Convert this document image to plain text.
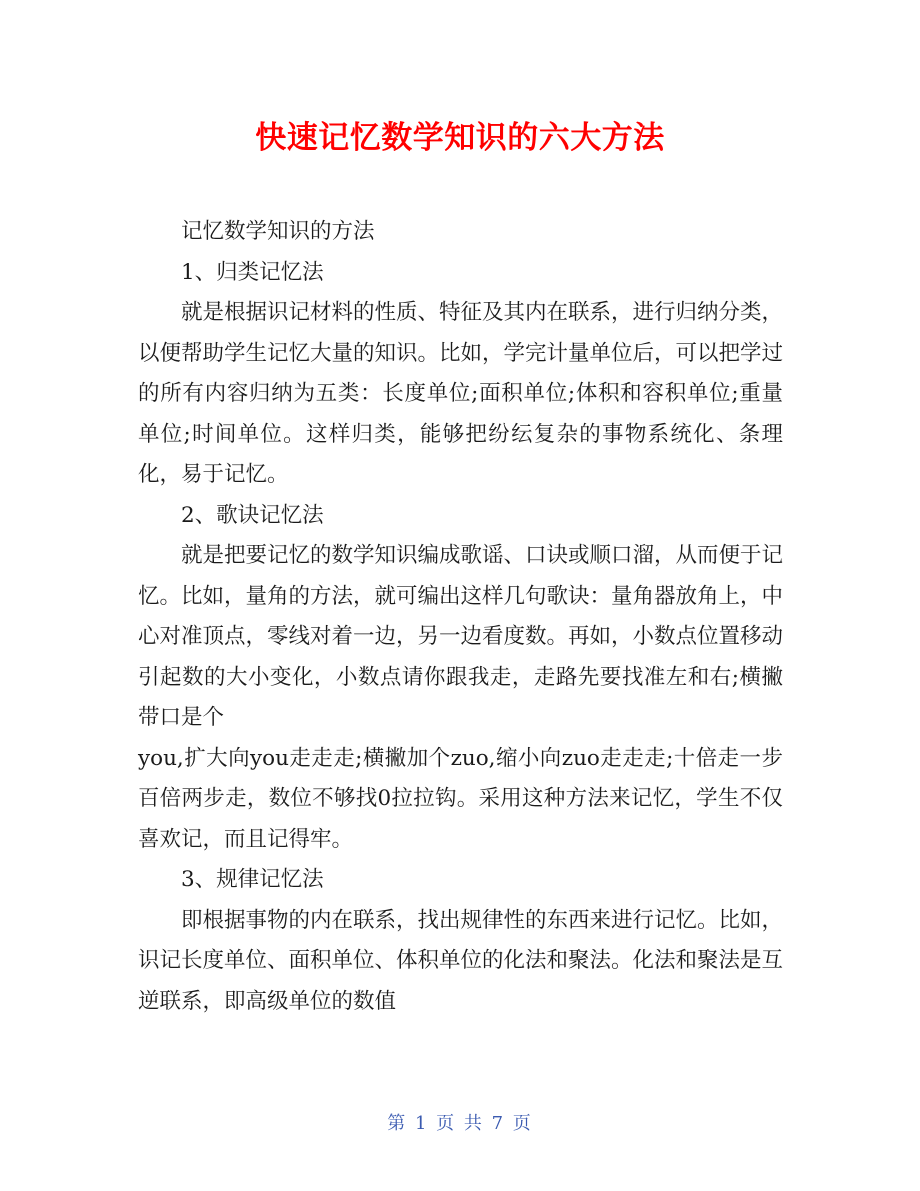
快速记忆数学知识的六大方法

记忆数学知识的方法

1、归类记忆法

就是根据识记材料的性质、特征及其内在联系，进行归纳分类，以便帮助学生记忆大量的知识。比如，学完计量单位后，可以把学过的所有内容归纳为五类：长度单位;面积单位;体积和容积单位;重量单位;时间单位。这样归类，能够把纷纭复杂的事物系统化、条理化，易于记忆。

2、歌诀记忆法

就是把要记忆的数学知识编成歌谣、口诀或顺口溜，从而便于记忆。比如，量角的方法，就可编出这样几句歌诀：量角器放角上，中心对准顶点，零线对着一边，另一边看度数。再如，小数点位置移动引起数的大小变化，小数点请你跟我走，走路先要找准左和右;横撇带口是个
you,扩大向you走走走;横撇加个zuo,缩小向zuo走走走;十倍走一步百倍两步走，数位不够找0拉拉钩。采用这种方法来记忆，学生不仅喜欢记，而且记得牢。

3、规律记忆法

即根据事物的内在联系，找出规律性的东西来进行记忆。比如，识记长度单位、面积单位、体积单位的化法和聚法。化法和聚法是互逆联系，即高级单位的数值

第 1 页 共 7 页
